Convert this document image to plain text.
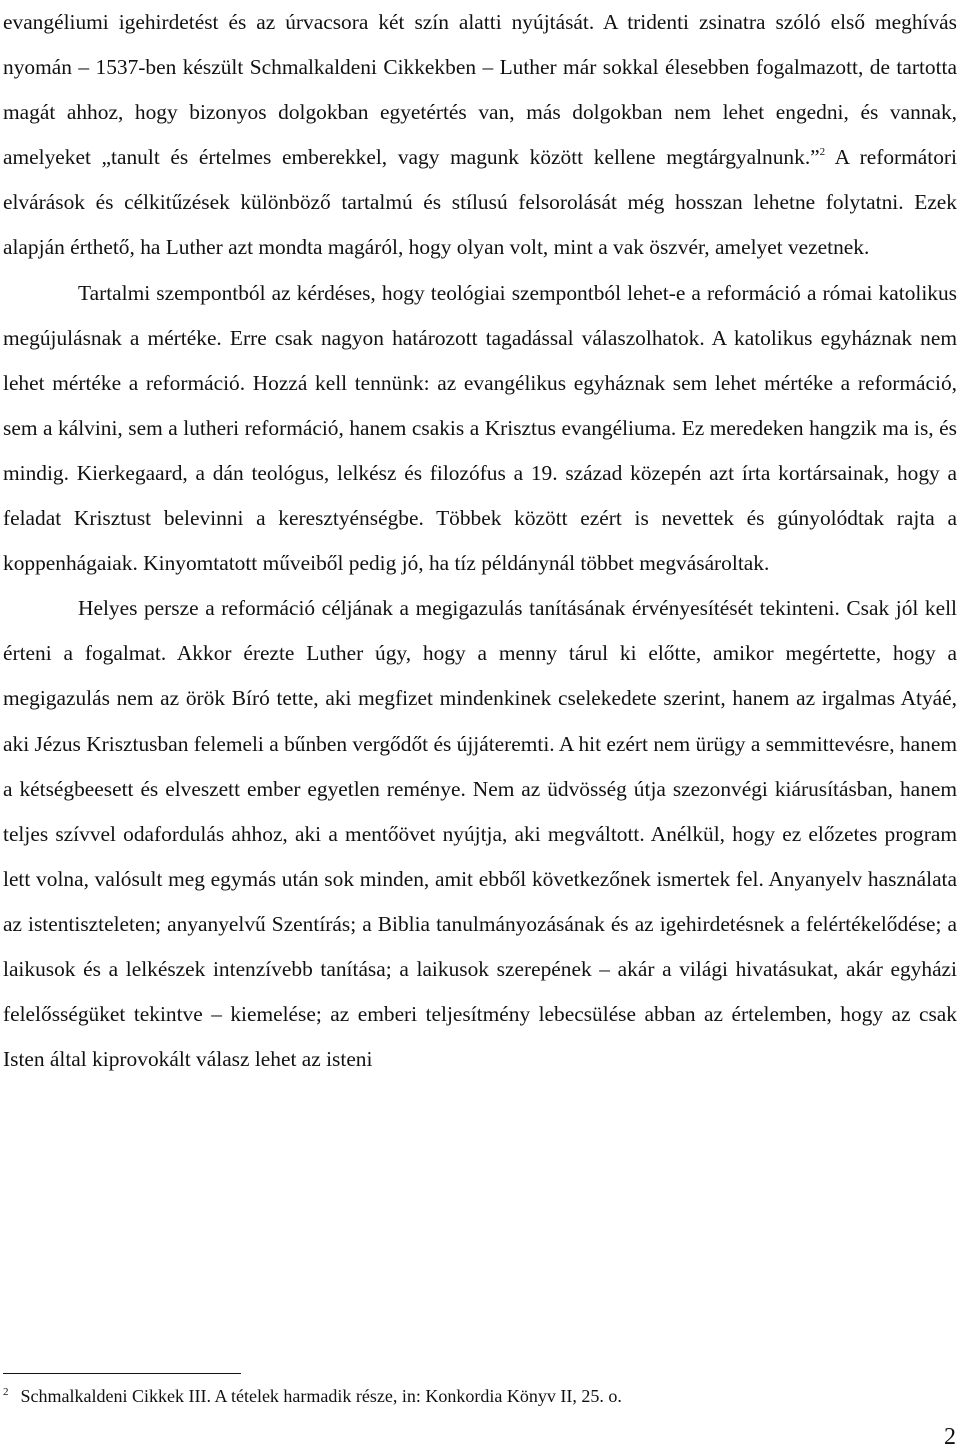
evangéliumi igehirdetést és az úrvacsora két szín alatti nyújtását. A tridenti zsinatra szóló első meghívás nyomán – 1537-ben készült Schmalkaldeni Cikkekben – Luther már sokkal élesebben fogalmazott, de tartotta magát ahhoz, hogy bizonyos dolgokban egyetértés van, más dolgokban nem lehet engedni, és vannak, amelyeket „tanult és értelmes emberekkel, vagy magunk között kellene megtárgyalnunk.”$^2$ A reformátori elvárások és célkitűzések különböző tartalmú és stílusú felsorolását még hosszan lehetne folytatni. Ezek alapján érthető, ha Luther azt mondta magáról, hogy olyan volt, mint a vak öszvér, amelyet vezetnek.

Tartalmi szempontból az kérdéses, hogy teológiai szempontból lehet-e a reformáció a római katolikus megújulásnak a mértéke. Erre csak nagyon határozott tagadással válaszolhatok. A katolikus egyháznak nem lehet mértéke a reformáció. Hozzá kell tennünk: az evangélikus egyháznak sem lehet mértéke a reformáció, sem a kálvini, sem a lutheri reformáció, hanem csakis a Krisztus evangéliuma. Ez meredeken hangzik ma is, és mindig. Kierkegaard, a dán teológus, lelkész és filozófus a 19. század közepén azt írta kortársainak, hogy a feladat Krisztust belevinni a keresztyénségbe. Többek között ezért is nevettek és gúnyolódtak rajta a koppenhágaiak. Kinyomtatott műveiből pedig jó, ha tíz példánynál többet megvásároltak.

Helyes persze a reformáció céljának a megigazulás tanításának érvényesítését tekinteni. Csak jól kell érteni a fogalmat. Akkor érezte Luther úgy, hogy a menny tárul ki előtte, amikor megértette, hogy a megigazulás nem az örök Bíró tette, aki megfizet mindenkinek cselekedete szerint, hanem az irgalmas Atyáé, aki Jézus Krisztusban felemeli a bűnben vergődőt és újjáteremti. A hit ezért nem ürügy a semmittevésre, hanem a kétségbeesett és elveszett ember egyetlen reménye. Nem az üdvösség útja szezonvégi kiárusításban, hanem teljes szívvel odafordulás ahhoz, aki a mentőövet nyújtja, aki megváltott. Anélkül, hogy ez előzetes program lett volna, valósult meg egymás után sok minden, amit ebből következőnek ismertek fel. Anyanyelv használata az istentiszteleten; anyanyelvű Szentírás; a Biblia tanulmányozásának és az igehirdetésnek a felértékelődése; a laikusok és a lelkészek intenzívebb tanítása; a laikusok szerepének – akár a világi hivatásukat, akár egyházi felelősségüket tekintve – kiemelése; az emberi teljesítmény lebecsülése abban az értelemben, hogy az csak Isten által kiprovokált válasz lehet az isteni

$^2$ Schmalkaldeni Cikkek III. A tételek harmadik része, in: Konkordia Könyv II, 25. o.
2
